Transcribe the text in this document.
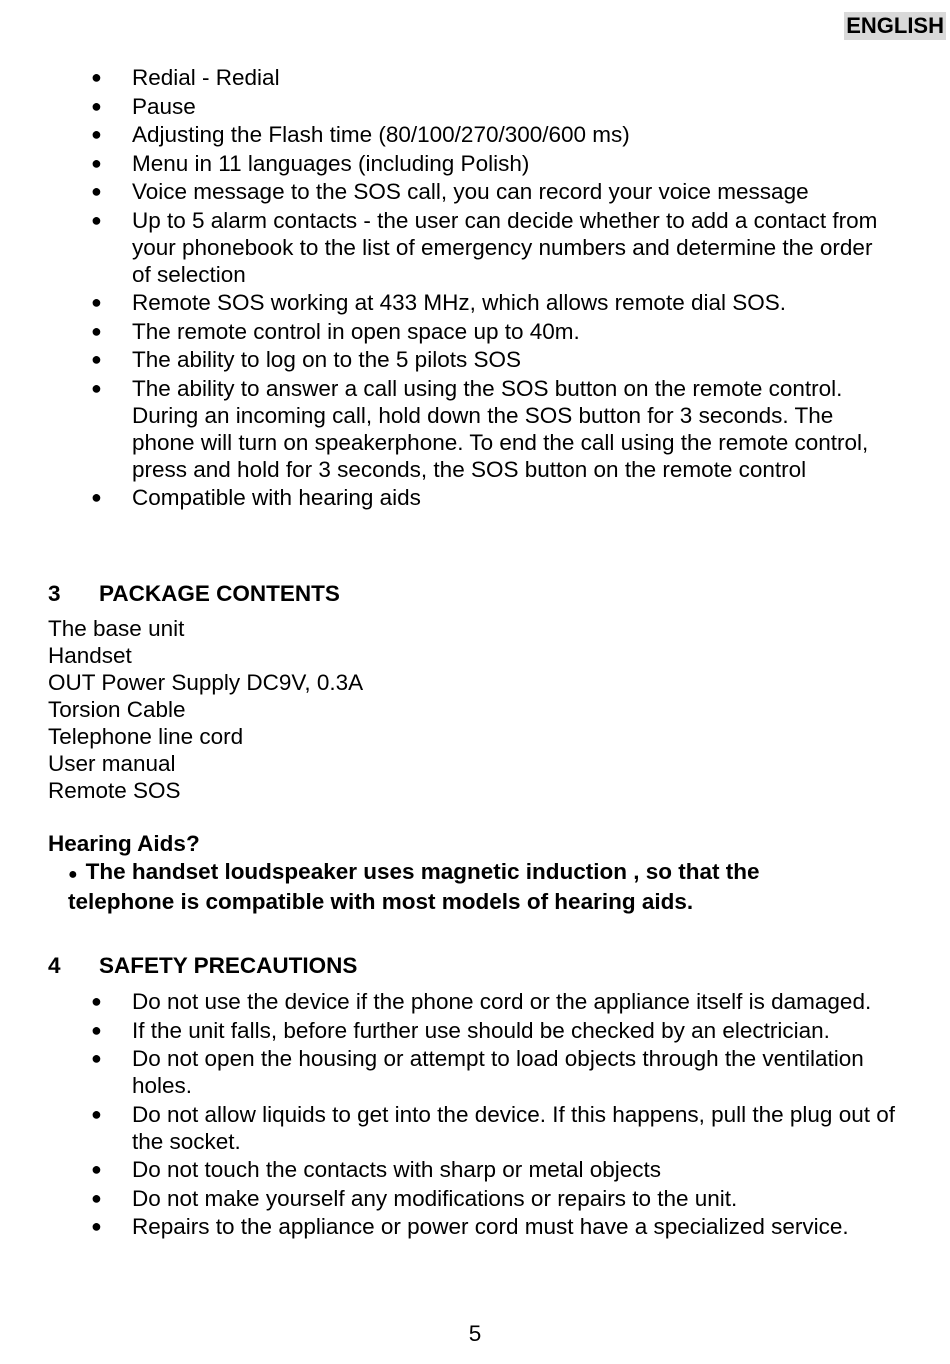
ENGLISH
● Redial - Redial
● Pause
● Adjusting the Flash time (80/100/270/300/600 ms)
● Menu in 11 languages (including Polish)
● Voice message to the SOS call, you can record your voice message
● Up to 5 alarm contacts - the user can decide whether to add a contact from your phonebook to the list of emergency numbers and determine the order of selection
● Remote SOS working at 433 MHz, which allows remote dial SOS.
● The remote control in open space up to 40m.
● The ability to log on to the 5 pilots SOS
● The ability to answer a call using the SOS button on the remote control. During an incoming call, hold down the SOS button for 3 seconds. The phone will turn on speakerphone. To end the call using the remote control, press and hold for 3 seconds, the SOS button on the remote control
● Compatible with hearing aids
3 PACKAGE CONTENTS
The base unit
Handset
OUT Power Supply DC9V, 0.3A
Torsion Cable
Telephone line cord
User manual
Remote SOS
Hearing Aids?
● The handset loudspeaker uses magnetic induction , so that the telephone is compatible with most models of hearing aids.
4 SAFETY PRECAUTIONS
● Do not use the device if the phone cord or the appliance itself is damaged.
● If the unit falls, before further use should be checked by an electrician.
● Do not open the housing or attempt to load objects through the ventilation holes.
● Do not allow liquids to get into the device. If this happens, pull the plug out of the socket.
● Do not touch the contacts with sharp or metal objects
● Do not make yourself any modifications or repairs to the unit.
● Repairs to the appliance or power cord must have a specialized service.
5
